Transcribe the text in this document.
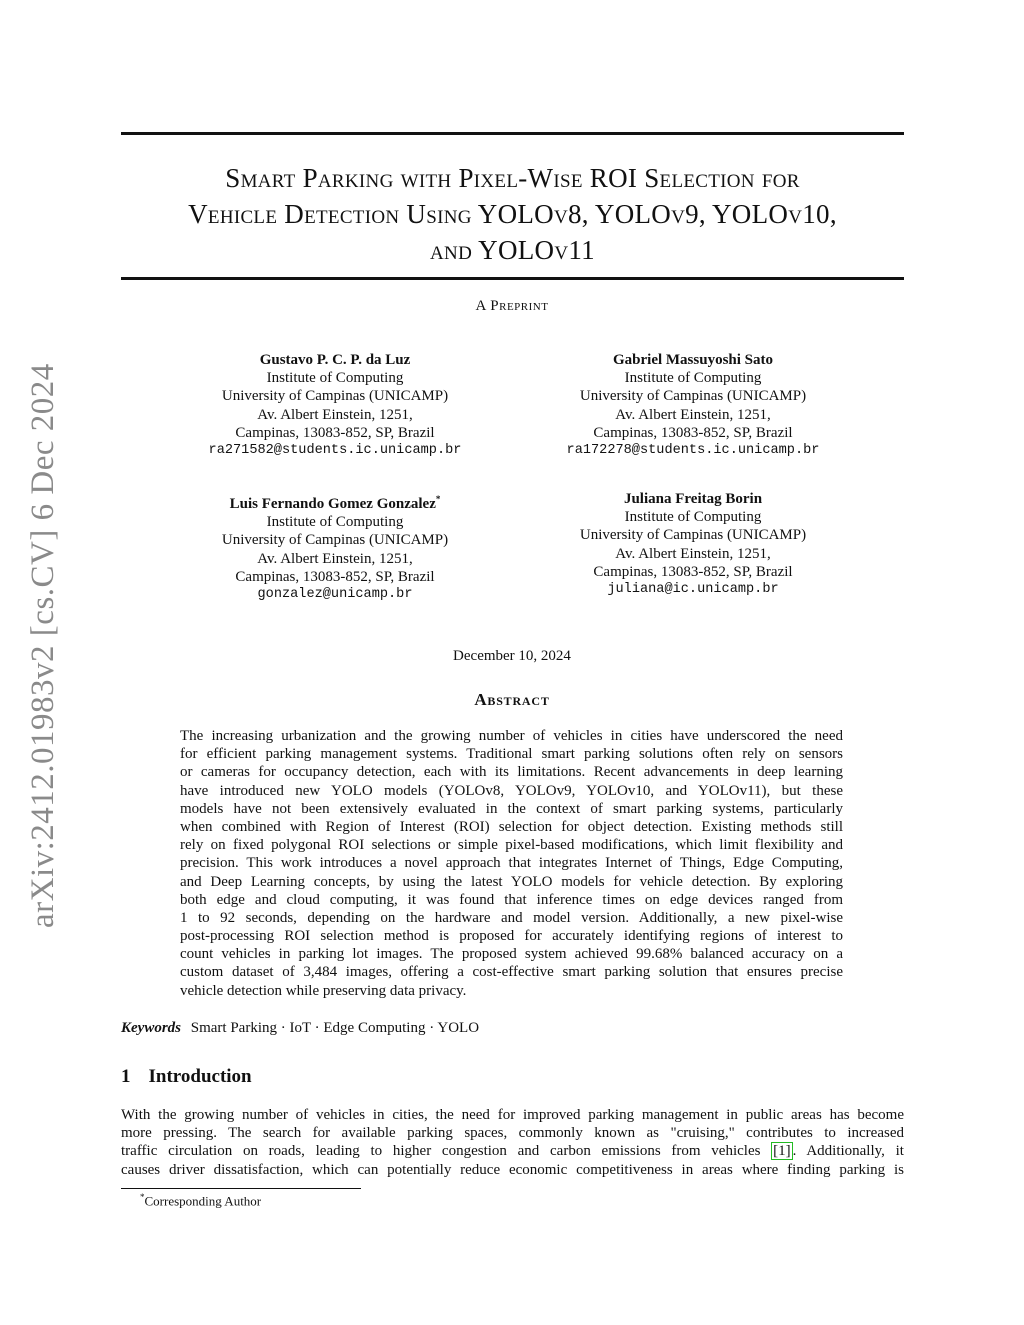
arXiv:2412.01983v2 [cs.CV] 6 Dec 2024
Smart Parking with Pixel-Wise ROI Selection for
Vehicle Detection Using YOLOv8, YOLOv9, YOLOv10,
and YOLOv11
A Preprint
Gustavo P. C. P. da Luz
Institute of Computing
University of Campinas (UNICAMP)
Av. Albert Einstein, 1251,
Campinas, 13083-852, SP, Brazil
ra271582@students.ic.unicamp.br
Gabriel Massuyoshi Sato
Institute of Computing
University of Campinas (UNICAMP)
Av. Albert Einstein, 1251,
Campinas, 13083-852, SP, Brazil
ra172278@students.ic.unicamp.br
Luis Fernando Gomez Gonzalez*
Institute of Computing
University of Campinas (UNICAMP)
Av. Albert Einstein, 1251,
Campinas, 13083-852, SP, Brazil
gonzalez@unicamp.br
Juliana Freitag Borin
Institute of Computing
University of Campinas (UNICAMP)
Av. Albert Einstein, 1251,
Campinas, 13083-852, SP, Brazil
juliana@ic.unicamp.br
December 10, 2024
Abstract
The increasing urbanization and the growing number of vehicles in cities have underscored the need
for efficient parking management systems. Traditional smart parking solutions often rely on sensors
or cameras for occupancy detection, each with its limitations. Recent advancements in deep learning
have introduced new YOLO models (YOLOv8, YOLOv9, YOLOv10, and YOLOv11), but these
models have not been extensively evaluated in the context of smart parking systems, particularly
when combined with Region of Interest (ROI) selection for object detection. Existing methods still
rely on fixed polygonal ROI selections or simple pixel-based modifications, which limit flexibility and
precision. This work introduces a novel approach that integrates Internet of Things, Edge Computing,
and Deep Learning concepts, by using the latest YOLO models for vehicle detection. By exploring
both edge and cloud computing, it was found that inference times on edge devices ranged from
1 to 92 seconds, depending on the hardware and model version. Additionally, a new pixel-wise
post-processing ROI selection method is proposed for accurately identifying regions of interest to
count vehicles in parking lot images. The proposed system achieved 99.68% balanced accuracy on a
custom dataset of 3,484 images, offering a cost-effective smart parking solution that ensures precise
vehicle detection while preserving data privacy.
Keywords Smart Parking · IoT · Edge Computing · YOLO
1 Introduction
With the growing number of vehicles in cities, the need for improved parking management in public areas has become
more pressing. The search for available parking spaces, commonly known as "cruising," contributes to increased
traffic circulation on roads, leading to higher congestion and carbon emissions from vehicles [1] . Additionally, it
causes driver dissatisfaction, which can potentially reduce economic competitiveness in areas where finding parking is
*Corresponding Author
